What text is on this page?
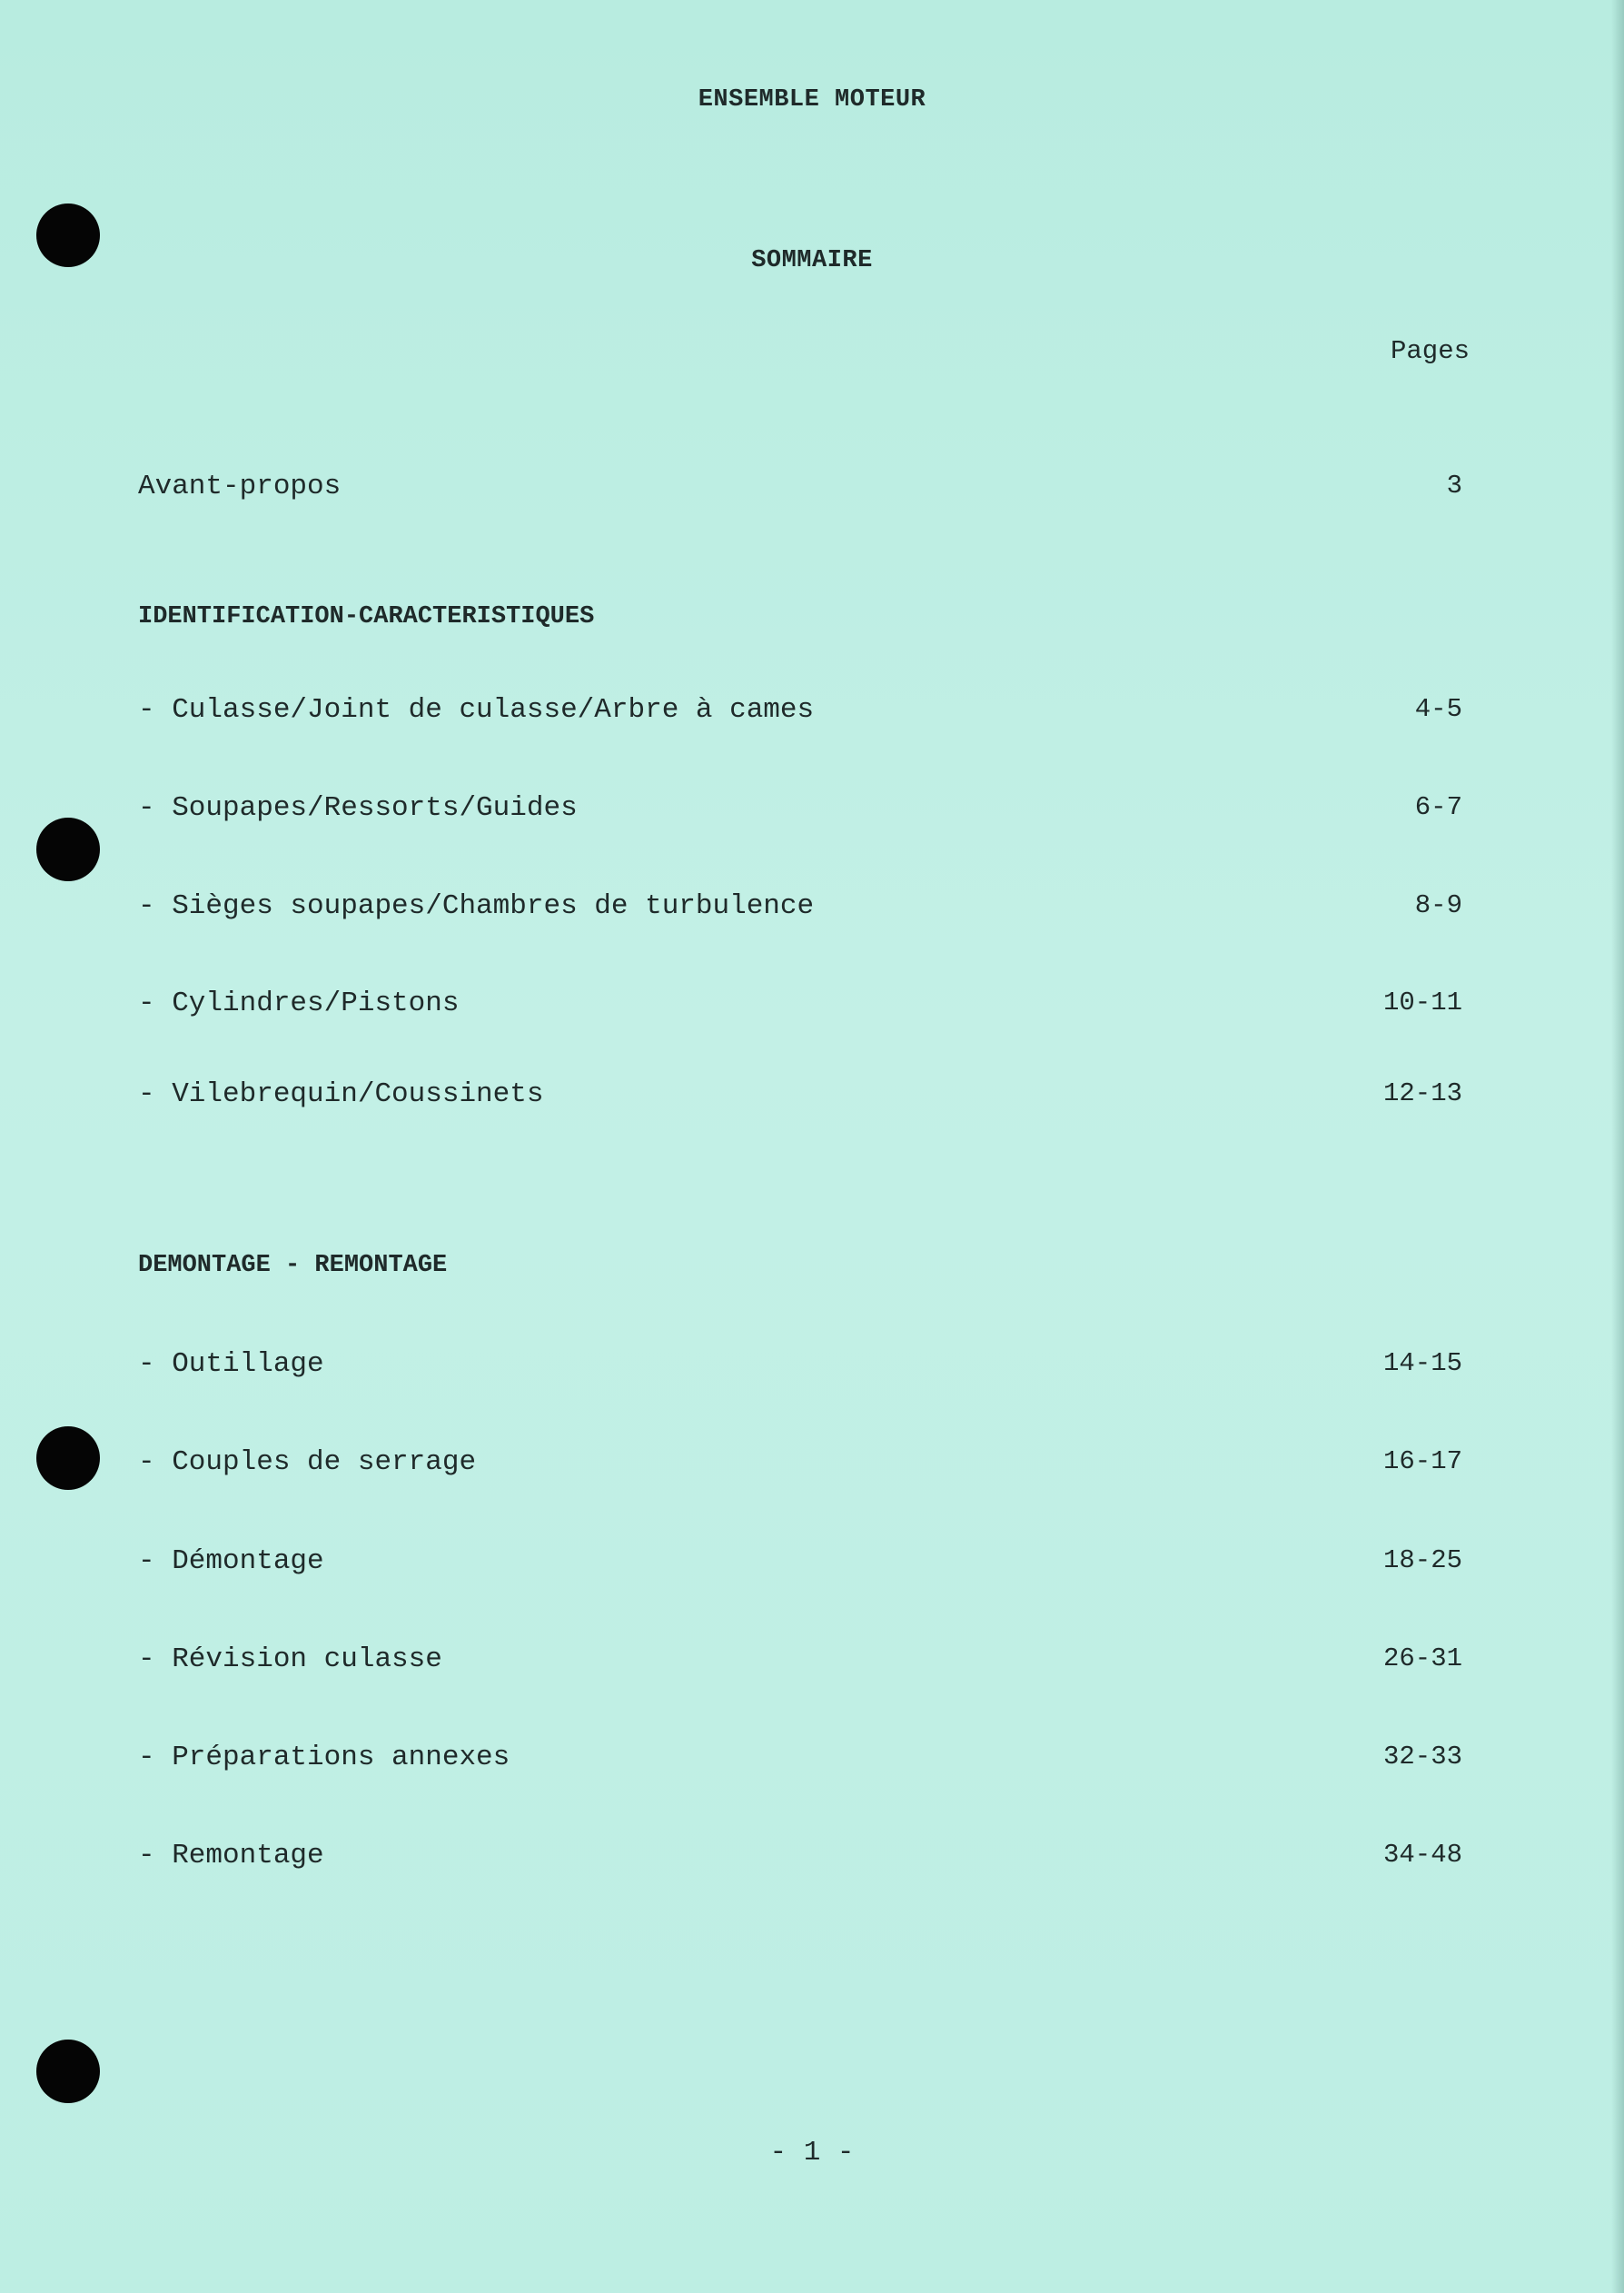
ENSEMBLE MOTEUR
SOMMAIRE
Pages
Avant-propos	3
IDENTIFICATION-CARACTERISTIQUES
- Culasse/Joint de culasse/Arbre à cames	4-5
- Soupapes/Ressorts/Guides	6-7
- Sièges soupapes/Chambres de turbulence	8-9
- Cylindres/Pistons	10-11
- Vilebrequin/Coussinets	12-13
DEMONTAGE - REMONTAGE
- Outillage	14-15
- Couples de serrage	16-17
- Démontage	18-25
- Révision culasse	26-31
- Préparations annexes	32-33
- Remontage	34-48
- 1 -
